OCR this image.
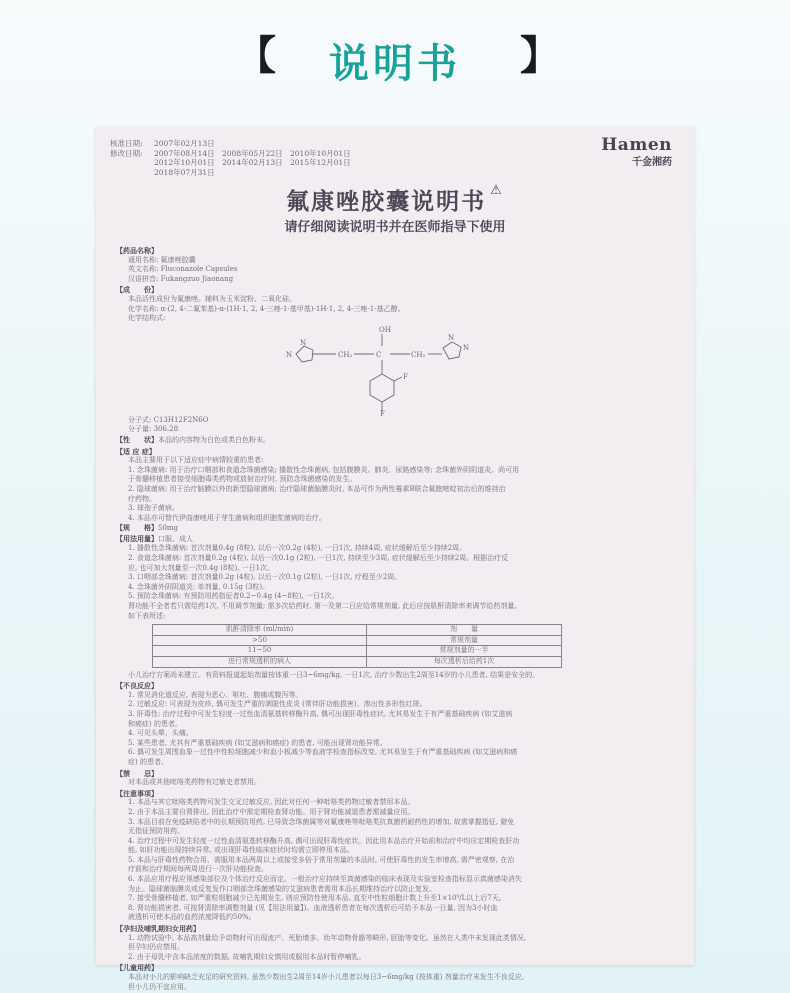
【	说明书	】
核准日期: 2007年02月13日
修改日期: 2007年08月14日 2008年05月22日 2010年10月01日
2012年10月01日 2014年02月13日 2015年12月01日
2018年07月31日
Hamen
千金湘药
氟康唑胶囊说明书 ⚠
请仔细阅读说明书并在医师指导下使用
【药品名称】
通用名称: 氟康唑胶囊
英文名称: Fluconazole Capsules
汉语拼音: Fukangzuo Jiaonang
【成　　份】
本品活性成份为氟康唑。辅料为玉米淀粉、二氧化硅。
化学名称: α-(2, 4-二氟苯基)-α-(1H-1, 2, 4-三唑-1-基甲基)-1H-1, 2, 4-三唑-1-基乙醇。
化学结构式:
N
N
CH₂	C
OH
CH₂
N
N
F
F
分子式: C13H12F2N6O
分子量: 306.28
【性　　状】本品的内容物为白色或类白色粉末。
【适 应 症】
本品主要用于以下适应症中病情较重的患者:
1. 念珠菌病: 用于治疗口咽部和食道念珠菌感染; 播散性念珠菌病, 包括腹膜炎、肺炎、尿路感染等; 念珠菌外阴阴道炎。尚可用
于骨髓移植患者接受细胞毒类药物或放射治疗时, 预防念珠菌感染的发生。
2. 隐球菌病: 用于治疗脑膜以外的新型隐球菌病; 治疗隐球菌脑膜炎时, 本品可作为两性霉素B联合氟胞嘧啶初治后的维持治
疗药物。
3. 球孢子菌病。
4. 本品亦可替代伊曲康唑用于芽生菌病和组织胞浆菌病的治疗。
【规　　格】50mg
【用法用量】口服。成人
1. 播散性念珠菌病: 首次剂量0.4g (8粒), 以后一次0.2g (4粒), 一日1次, 持续4周, 症状缓解后至少持续2周。
2. 食道念珠菌病: 首次剂量0.2g (4粒), 以后一次0.1g (2粒), 一日1次, 持续至少3周, 症状缓解后至少持续2周。根据治疗反
应, 也可加大剂量至一次0.4g (8粒), 一日1次。
3. 口咽部念珠菌病: 首次剂量0.2g (4粒), 以后一次0.1g (2粒), 一日1次, 疗程至少2周。
4. 念珠菌外阴阴道炎: 单剂量, 0.15g (3粒)。
5. 预防念珠菌病: 有预防用药指征者0.2~0.4g (4~8粒), 一日1次。
肾功能不全者若只需给药1次, 不用调节剂量; 需多次给药时, 第一及第二日应给常规剂量, 此后应按肌酐清除率来调节给药剂量,
如下表所述:
肌酐清除率 (ml/min)	剂　　量
>50	常规剂量
11~50	常规剂量的一半
进行常规透析的病人	每次透析后给药1次
小儿治疗方案尚未建立。有资料报道起始剂量按体重一日3~6mg/kg, 一日1次, 治疗少数出生2周至14岁的小儿患者, 结果是安全的。
【不良反应】
1. 常见消化道反应, 表现为恶心、呕吐、腹痛或腹泻等。
2. 过敏反应: 可表现为皮疹, 偶可发生严重的剥脱性皮炎 (常伴肝功能损害)、渗出性多形性红斑。
3. 肝毒性: 治疗过程中可发生轻度一过性血清氨基转移酶升高, 偶可出现肝毒性症状, 尤其易发生于有严重基础疾病 (如艾滋病
和癌症) 的患者。
4. 可见头晕、头痛。
5. 某些患者, 尤其有严重基础疾病 (如艾滋病和癌症) 的患者, 可能出现肾功能异常。
6. 偶可发生周围血象一过性中性粒细胞减少和血小板减少等血液学检查指标改变, 尤其易发生于有严重基础疾病 (如艾滋病和癌
症) 的患者。
【禁　　忌】
对本品或其他吡咯类药物有过敏史者禁用。
【注意事项】
1. 本品与其它吡咯类药物可发生交叉过敏反应, 因此对任何一种吡咯类药物过敏者禁用本品。
2. 由于本品主要自肾排出, 因此治疗中需定期检查肾功能。用于肾功能减退患者需减量应用。
3. 本品目前在免疫缺陷者中的长期预防用药, 已导致念珠菌属等对氟康唑等吡咯类抗真菌药耐药性的增加, 故需掌握指征, 避免
无指征预防用药。
4. 治疗过程中可发生轻度一过性血清氨基转移酶升高, 偶可出现肝毒性症状。因此用本品治疗开始前和治疗中均应定期检查肝功
能, 如肝功能出现持续异常, 或出现肝毒性临床症状时均需立即停用本品。
5. 本品与肝毒性药物合用、需服用本品两周以上或接受多倍于常用剂量的本品时, 可使肝毒性的发生率增高, 需严密观察, 在治
疗前和治疗期间每两周进行一次肝功能检查。
6. 本品应用疗程应视感染部位及个体治疗反应而定。一般治疗应持续至真菌感染的临床表现及实验室检查指标显示真菌感染消失
为止。隐球菌脑膜炎或反复发作口咽部念珠菌感染的艾滋病患者需用本品长期维持治疗以防止复发。
7. 接受骨髓移植者, 如严重粒细胞减少已先期发生, 则应预防性使用本品, 直至中性粒细胞计数上升至1×10⁹/L以上后7天。
8. 肾功能损害者, 可按肾清除率调整剂量 (见【用法用量】)。血液透析患者在每次透析后可给予本品一日量, 因为3小时血
液透析可使本品的血药浓度降低约50%。
【孕妇及哺乳期妇女用药】
1. 动物试验中, 本品高剂量给予动物时可出现流产、死胎增多、幼年动物骨骼等畸形, 胚胎等变化。虽然在人类中未发现此类情况,
但孕妇仍应禁用。
2. 由于母乳中含本品浓度的数据, 故哺乳期妇女慎用或服用本品时暂停哺乳。
【儿童用药】
本品对小儿的影响缺乏充足的研究资料, 虽然少数出生2周至14岁小儿患者以每日3~6mg/kg (按体重) 剂量治疗未发生不良反应,
但小儿仍不宜应用。
